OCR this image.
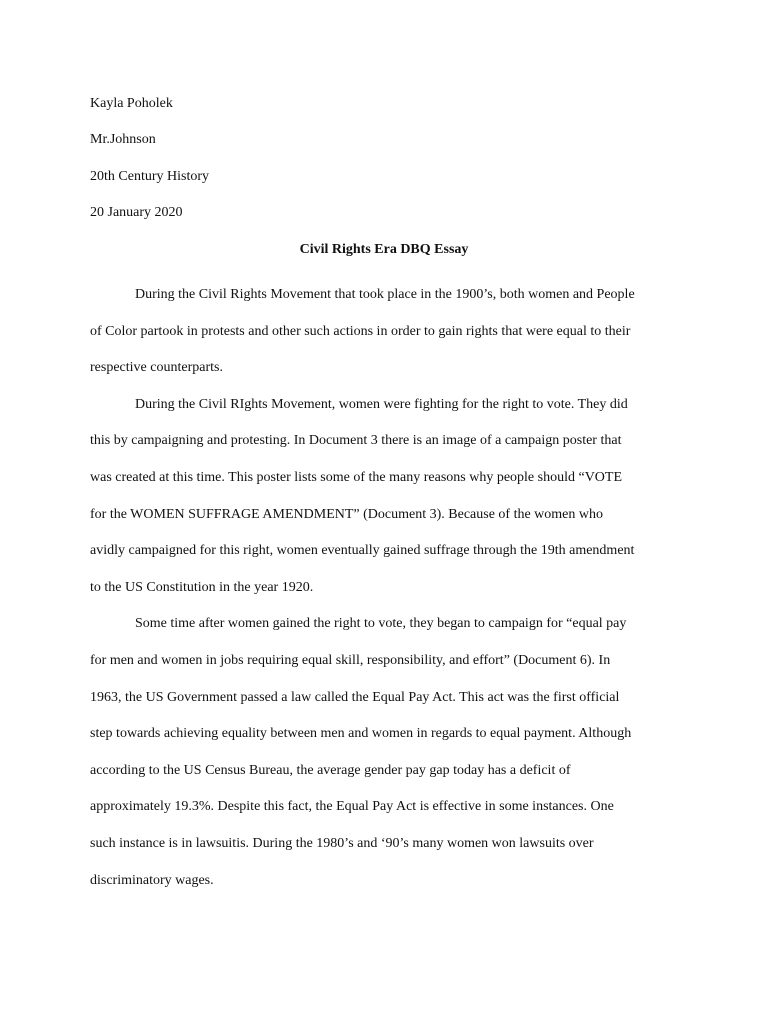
Kayla Poholek
Mr.Johnson
20th Century History
20 January 2020
Civil Rights Era DBQ Essay

During the Civil Rights Movement that took place in the 1900’s, both women and People
of Color partook in protests and other such actions in order to gain rights that were equal to their
respective counterparts.

During the Civil RIghts Movement, women were fighting for the right to vote. They did
this by campaigning and protesting. In Document 3 there is an image of a campaign poster that
was created at this time. This poster lists some of the many reasons why people should “VOTE
for the WOMEN SUFFRAGE AMENDMENT” (Document 3). Because of the women who
avidly campaigned for this right, women eventually gained suffrage through the 19th amendment
to the US Constitution in the year 1920.

Some time after women gained the right to vote, they began to campaign for “equal pay
for men and women in jobs requiring equal skill, responsibility, and effort” (Document 6). In
1963, the US Government passed a law called the Equal Pay Act. This act was the first official
step towards achieving equality between men and women in regards to equal payment. Although
according to the US Census Bureau, the average gender pay gap today has a deficit of
approximately 19.3%. Despite this fact, the Equal Pay Act is effective in some instances. One
such instance is in lawsuitis. During the 1980’s and ‘90’s many women won lawsuits over
discriminatory wages.
